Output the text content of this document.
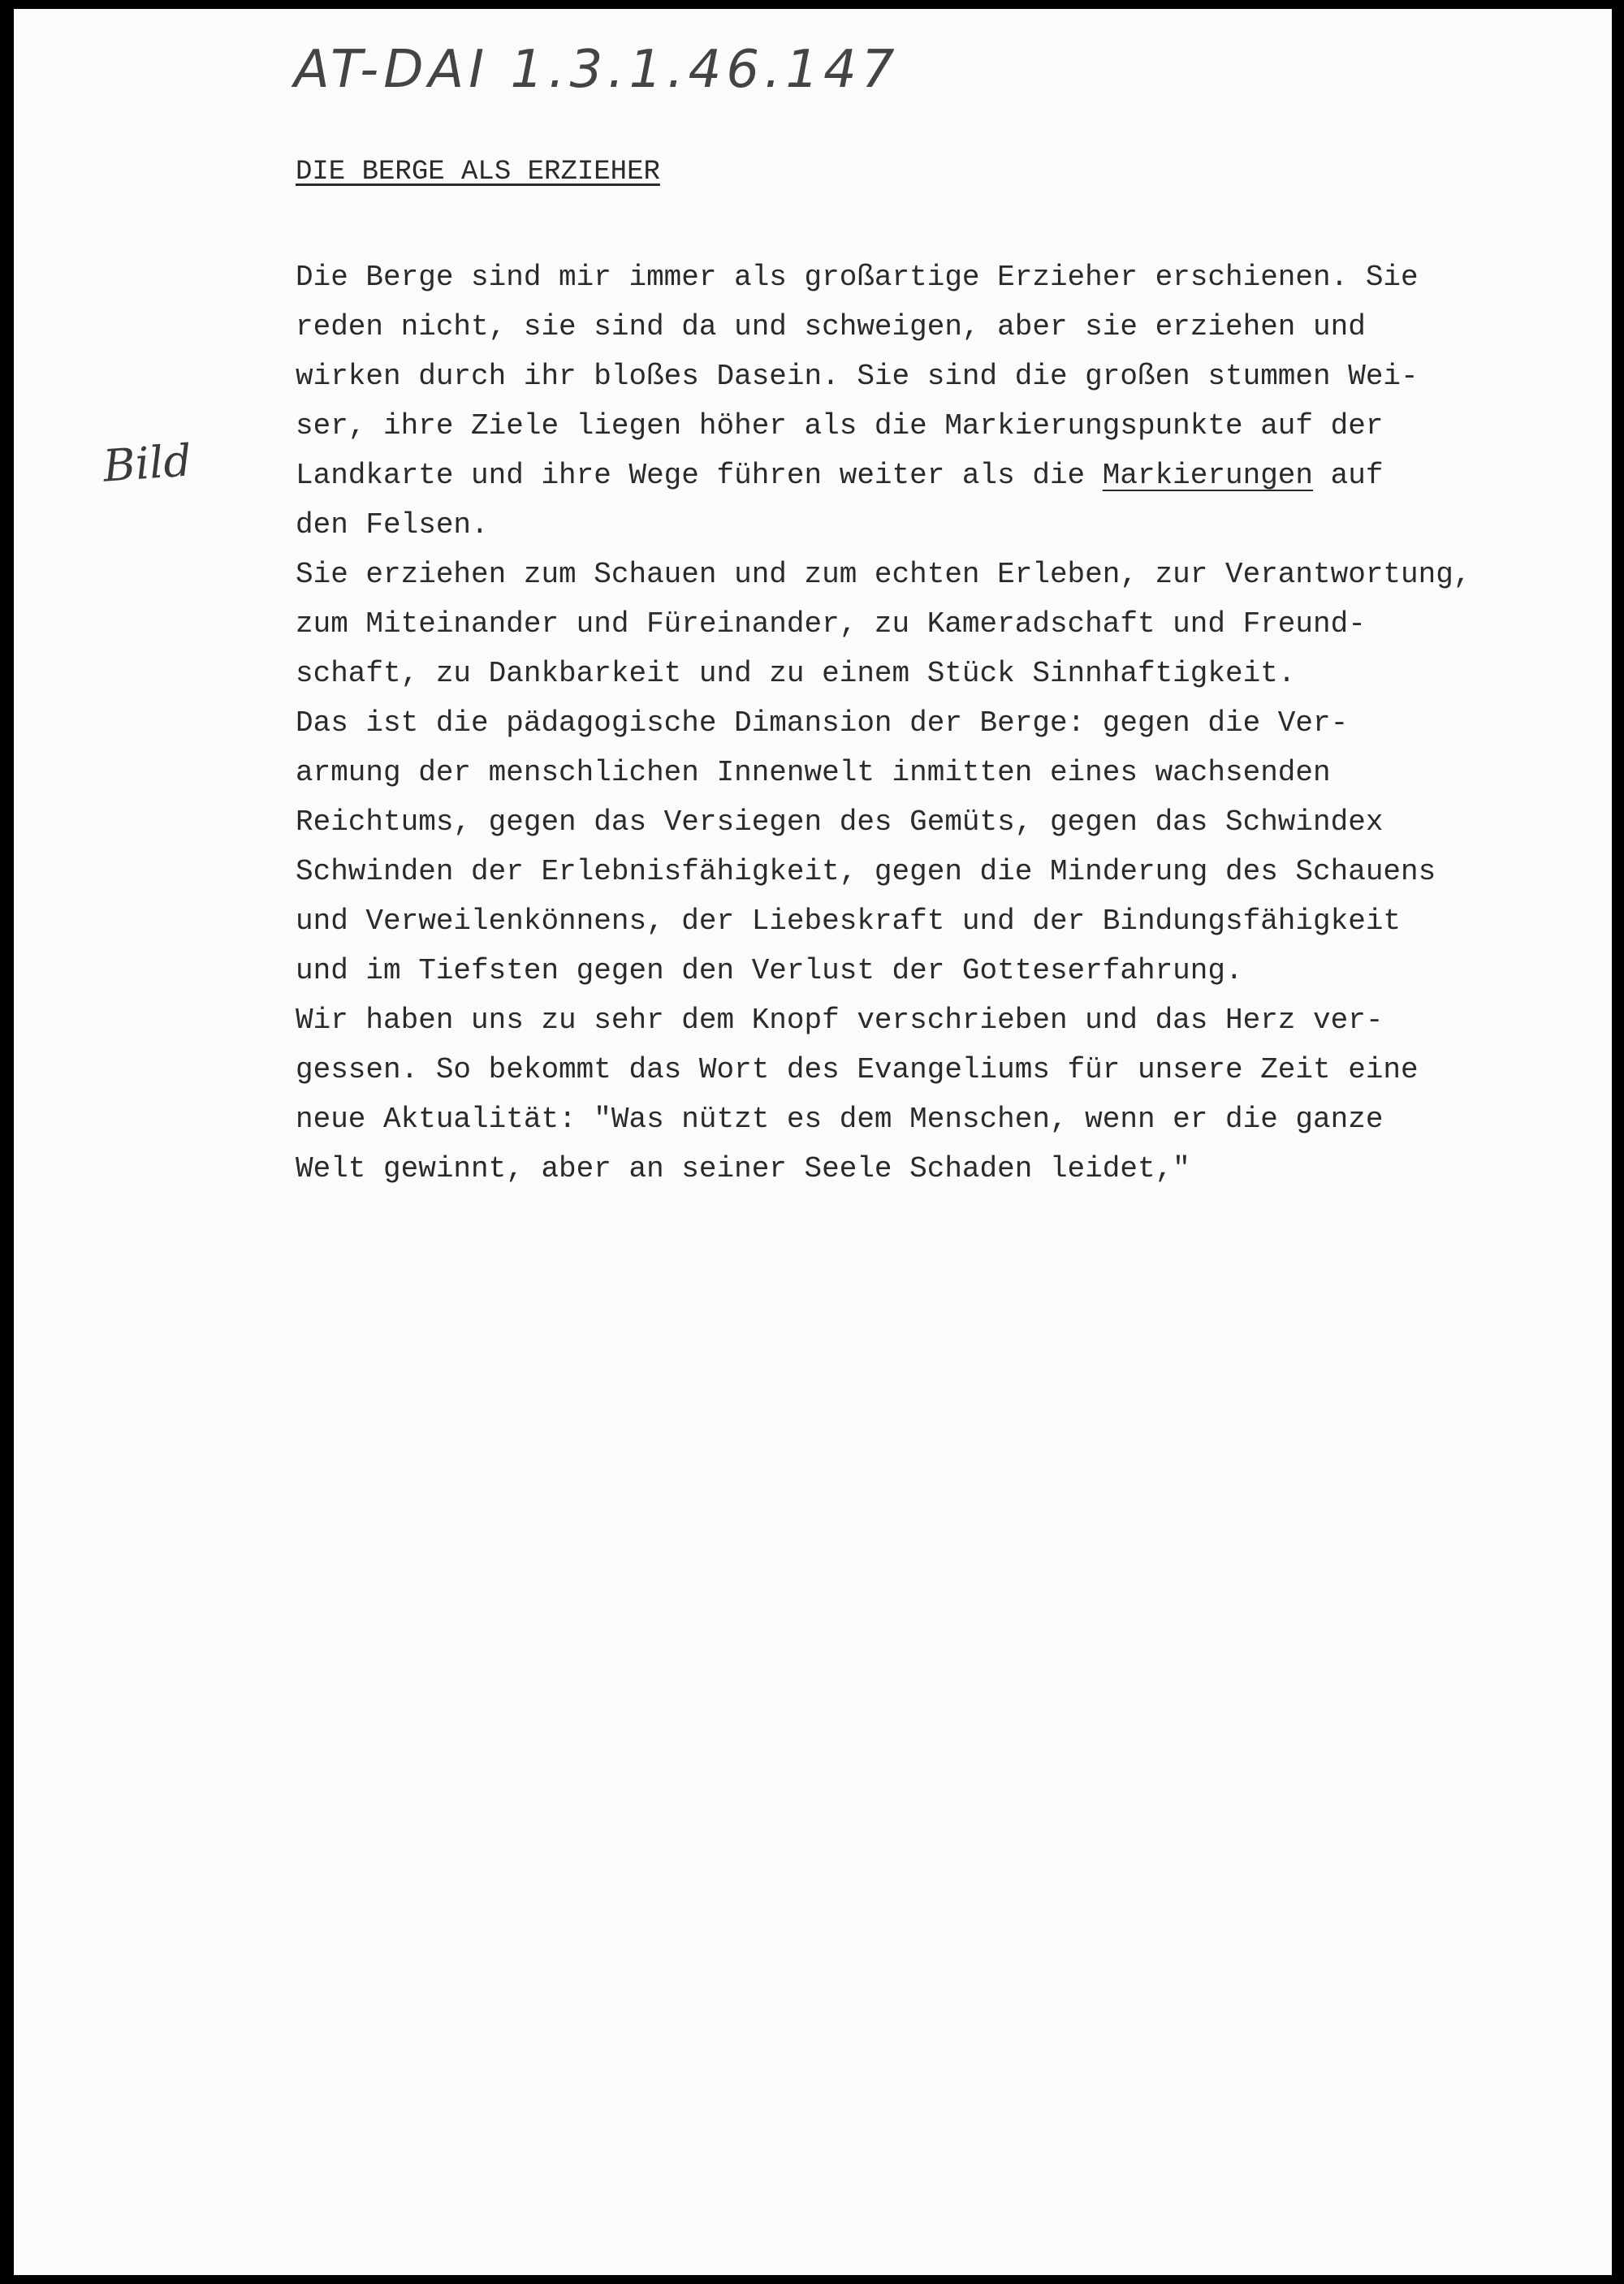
AT-DAI 1.3.1.46.147
Bild
DIE BERGE ALS ERZIEHER
Die Berge sind mir immer als großartige Erzieher erschienen. Sie
reden nicht, sie sind da und schweigen, aber sie erziehen und
wirken durch ihr bloßes Dasein. Sie sind die großen stummen Wei-
ser, ihre Ziele liegen höher als die Markierungspunkte auf der
Landkarte und ihre Wege führen weiter als die Markierungen auf
den Felsen.
Sie erziehen zum Schauen und zum echten Erleben, zur Verantwortung,
zum Miteinander und Füreinander, zu Kameradschaft und Freund-
schaft, zu Dankbarkeit und zu einem Stück Sinnhaftigkeit.
Das ist die pädagogische Dimansion der Berge: gegen die Ver-
armung der menschlichen Innenwelt inmitten eines wachsenden
Reichtums, gegen das Versiegen des Gemüts, gegen das Schwindex
Schwinden der Erlebnisfähigkeit, gegen die Minderung des Schauens
und Verweilenkönnens, der Liebeskraft und der Bindungsfähigkeit
und im Tiefsten gegen den Verlust der Gotteserfahrung.
Wir haben uns zu sehr dem Knopf verschrieben und das Herz ver-
gessen. So bekommt das Wort des Evangeliums für unsere Zeit eine
neue Aktualität: "Was nützt es dem Menschen, wenn er die ganze
Welt gewinnt, aber an seiner Seele Schaden leidet,"
